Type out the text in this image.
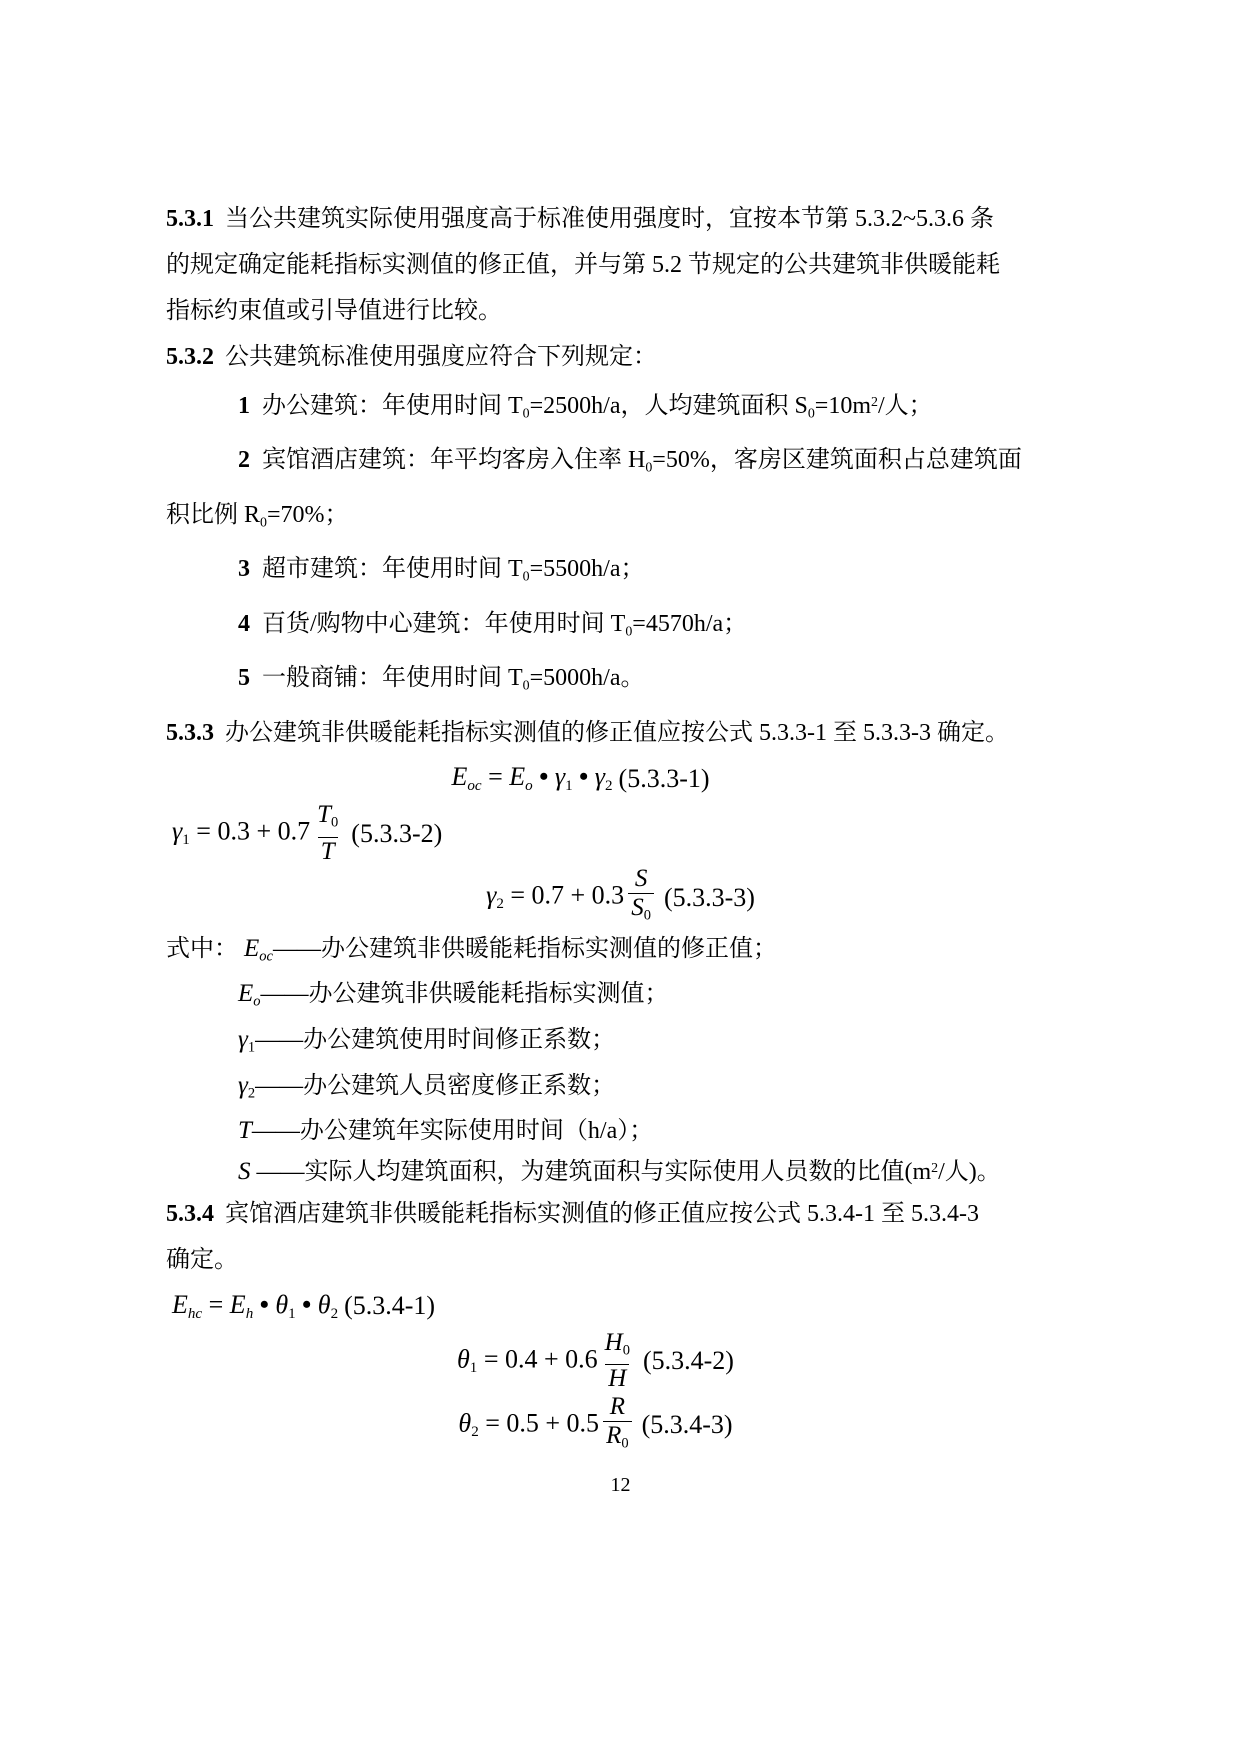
5.3.1 当公共建筑实际使用强度高于标准使用强度时，宜按本节第 5.3.2~5.3.6 条
的规定确定能耗指标实测值的修正值，并与第 5.2 节规定的公共建筑非供暖能耗
指标约束值或引导值进行比较。
5.3.2 公共建筑标准使用强度应符合下列规定：
1 办公建筑：年使用时间 T0=2500h/a，人均建筑面积 $S0=10m^2/$人；
2 宾馆酒店建筑：年平均客房入住率 H0=50%，客房区建筑面积占总建筑面
积比例 R0=70%；
3 超市建筑：年使用时间 T0=5500h/a；
4 百货/购物中心建筑：年使用时间 T0=4570h/a；
5 一般商铺：年使用时间 T0=5000h/a。
5.3.3 办公建筑非供暖能耗指标实测值的修正值应按公式 5.3.3-1 至 5.3.3-3 确定。
Eoc = Eo • γ1 • γ2 (5.3.3-1)
$\gamma 1 = 0.3 + 0.7 \frac{T0}{T} (5.3.3-2)$
$\gamma 2 = 0.7 + 0.3 \frac{S}{S0} (5.3.3-3)$
式中： Eoc——办公建筑非供暖能耗指标实测值的修正值；
Eo——办公建筑非供暖能耗指标实测值；
γ1——办公建筑使用时间修正系数；
γ2——办公建筑人员密度修正系数；
T——办公建筑年实际使用时间（h/a）；
S ——实际人均建筑面积，为建筑面积与实际使用人员数的比值($m^2/$人)。
5.3.4 宾馆酒店建筑非供暖能耗指标实测值的修正值应按公式 5.3.4-1 至 5.3.4-3
确定。
Ehc = Eh • θ1 • θ2 (5.3.4-1)
$\theta 1 = 0.4 + 0.6 \frac{H0}{H} (5.3.4-2)$
$\theta 2 = 0.5 + 0.5 \frac{R}{R0} (5.3.4-3)$
12
